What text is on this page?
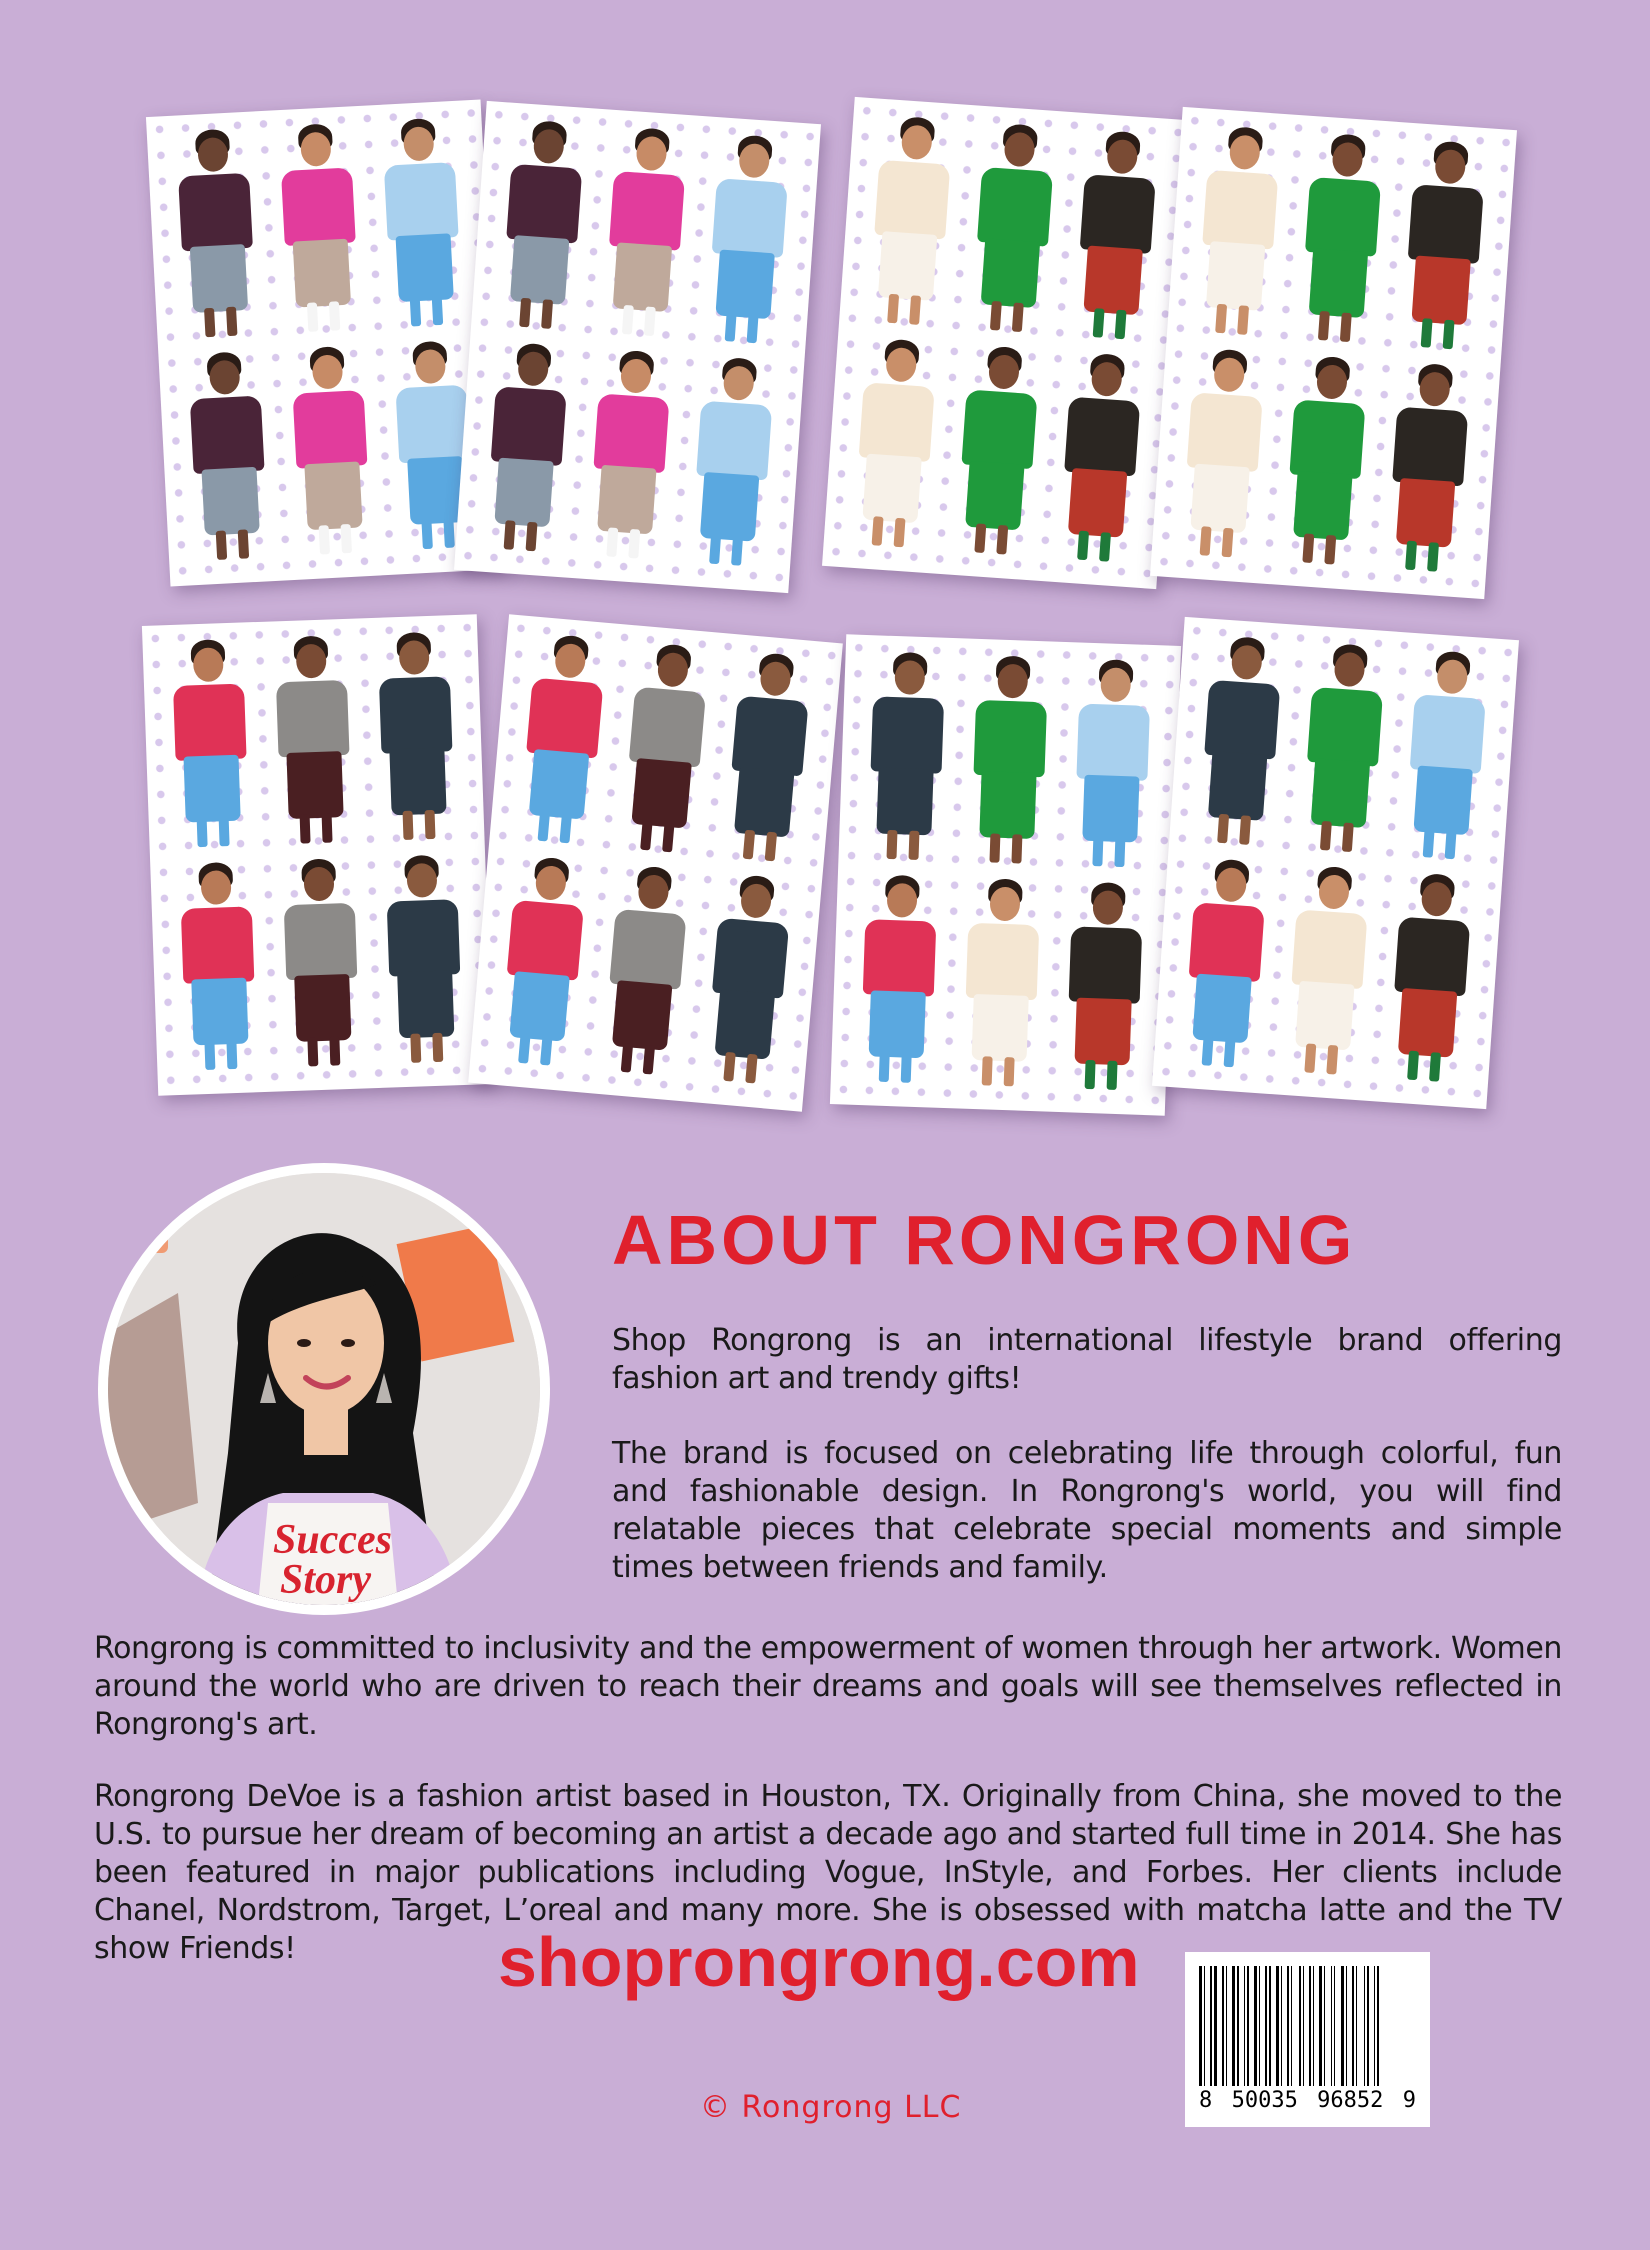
Succes
Story
ABOUT RONGRONG

Shop Rongrong is an international lifestyle brand offering fashion art and trendy gifts!

The brand is focused on celebrating life through colorful, fun and fashionable design. In Rongrong's world, you will find relatable pieces that celebrate special moments and simple times between friends and family.

Rongrong is committed to inclusivity and the empowerment of women through her artwork. Women around the world who are driven to reach their dreams and goals will see themselves reflected in Rongrong's art.

Rongrong DeVoe is a fashion artist based in Houston, TX. Originally from China, she moved to the U.S. to pursue her dream of becoming an artist a decade ago and started full time in 2014. She has been featured in major publications including Vogue, InStyle, and Forbes. Her clients include Chanel, Nordstrom, Target, L’oreal and many more. She is obsessed with matcha latte and the TV show Friends!	shoprongrong.com

© Rongrong LLC	8 50035 96852 9
